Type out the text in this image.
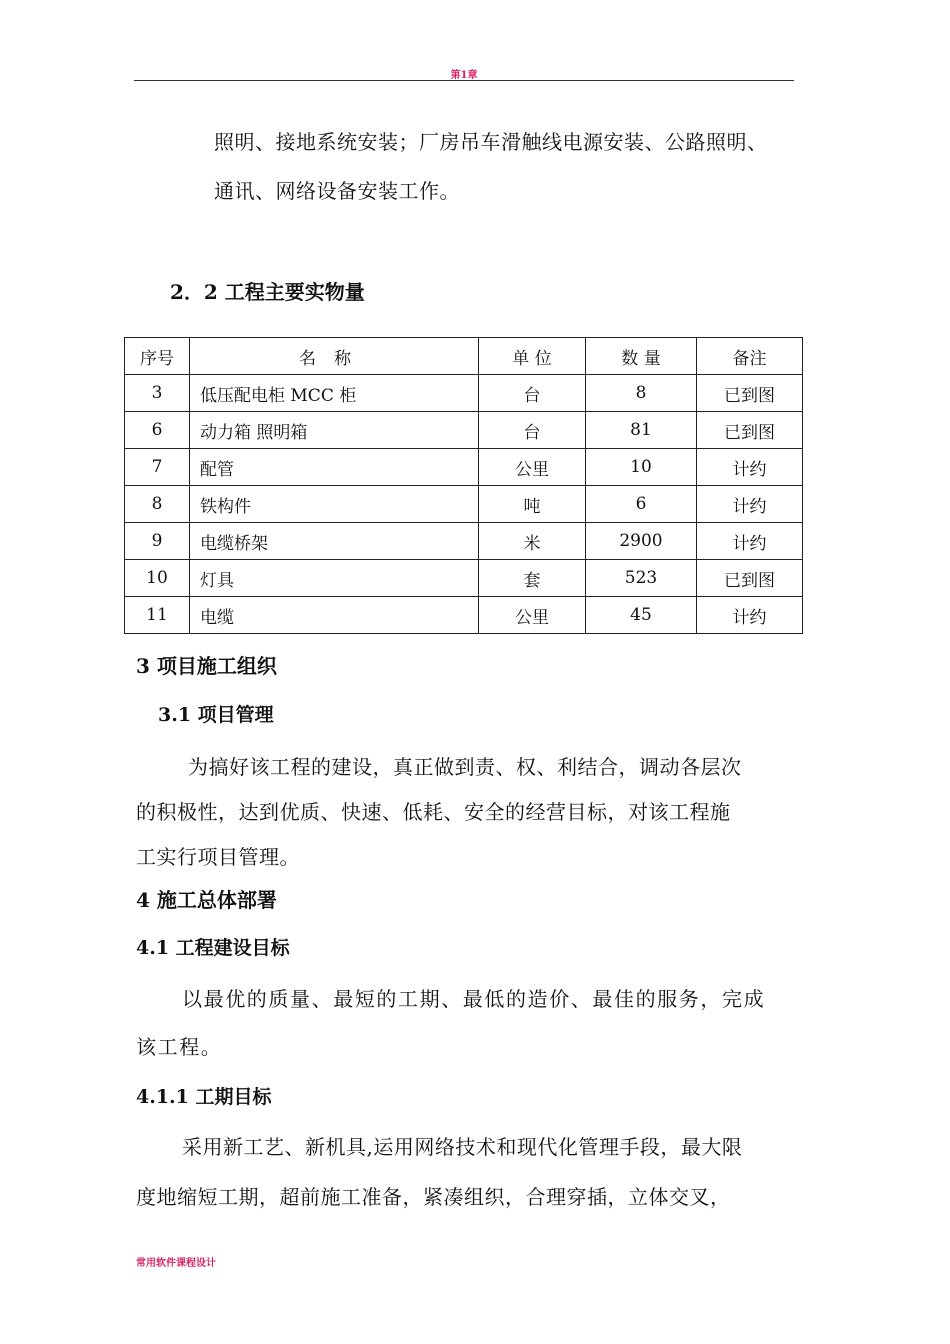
第1章
照明、接地系统安装；厂房吊车滑触线电源安装、公路照明、
通讯、网络设备安装工作。
2．2 工程主要实物量
序号	名称	单 位	数 量	备注
3	低压配电柜 MCC 柜	台	8	已到图
6	动力箱 照明箱	台	81	已到图
7	配管	公里	10	计约
8	铁构件	吨	6	计约
9	电缆桥架	米	2900	计约
10	灯具	套	523	已到图
11	电缆	公里	45	计约
3 项目施工组织
3.1 项目管理
为搞好该工程的建设，真正做到责、权、利结合，调动各层次
的积极性，达到优质、快速、低耗、安全的经营目标，对该工程施
工实行项目管理。
4 施工总体部署
4.1 工程建设目标
以最优的质量、最短的工期、最低的造价、最佳的服务，完成
该工程。
4.1.1 工期目标
采用新工艺、新机具,运用网络技术和现代化管理手段，最大限
度地缩短工期，超前施工准备，紧凑组织，合理穿插，立体交叉，
常用软件课程设计
